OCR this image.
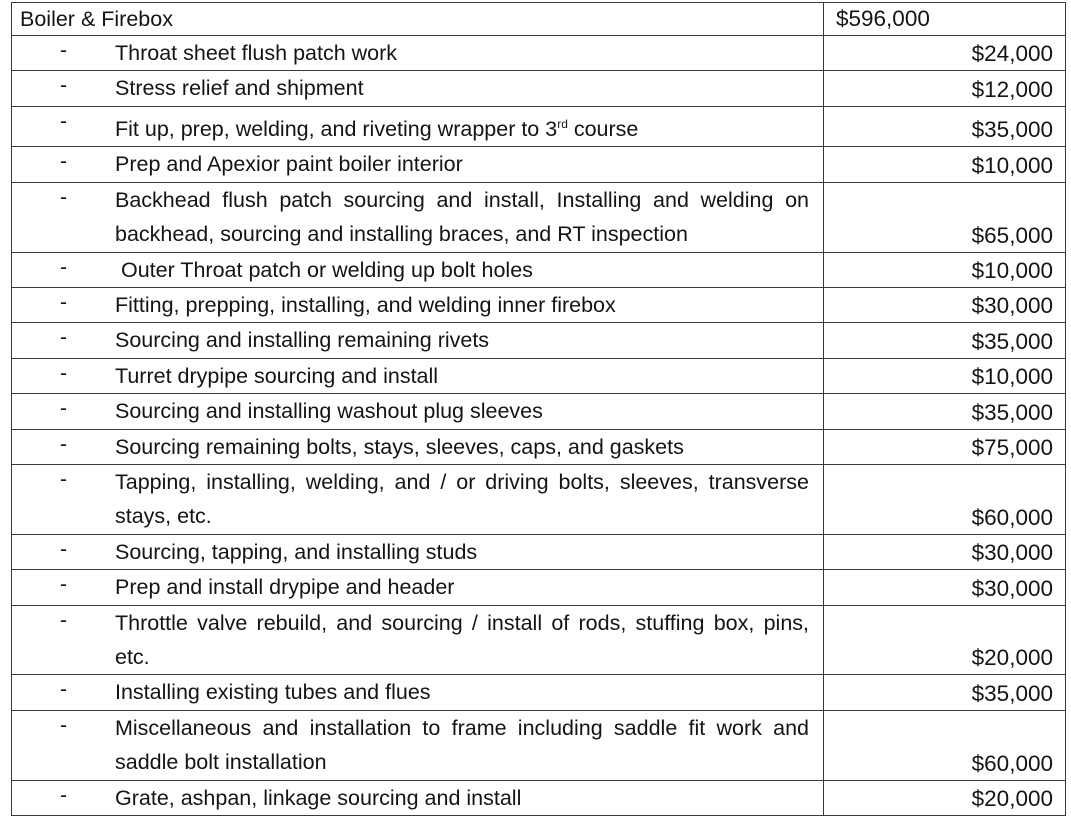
Boiler & Firebox	$596,000

- Throat sheet flush patch work	$24,000

- Stress relief and shipment	$12,000

- Fit up, prep, welding, and riveting wrapper to 3rd course	$35,000

- Prep and Apexior paint boiler interior	$10,000

- Backhead flush patch sourcing and install, Installing and welding on backhead, sourcing and installing braces, and RT inspection	$65,000

- Outer Throat patch or welding up bolt holes	$10,000

- Fitting, prepping, installing, and welding inner firebox	$30,000

- Sourcing and installing remaining rivets	$35,000

- Turret drypipe sourcing and install	$10,000

- Sourcing and installing washout plug sleeves	$35,000

- Sourcing remaining bolts, stays, sleeves, caps, and gaskets	$75,000

- Tapping, installing, welding, and / or driving bolts, sleeves, transverse stays, etc.	$60,000

- Sourcing, tapping, and installing studs	$30,000

- Prep and install drypipe and header	$30,000

- Throttle valve rebuild, and sourcing / install of rods, stuffing box, pins, etc.	$20,000

- Installing existing tubes and flues	$35,000

- Miscellaneous and installation to frame including saddle fit work and saddle bolt installation	$60,000

- Grate, ashpan, linkage sourcing and install	$20,000
